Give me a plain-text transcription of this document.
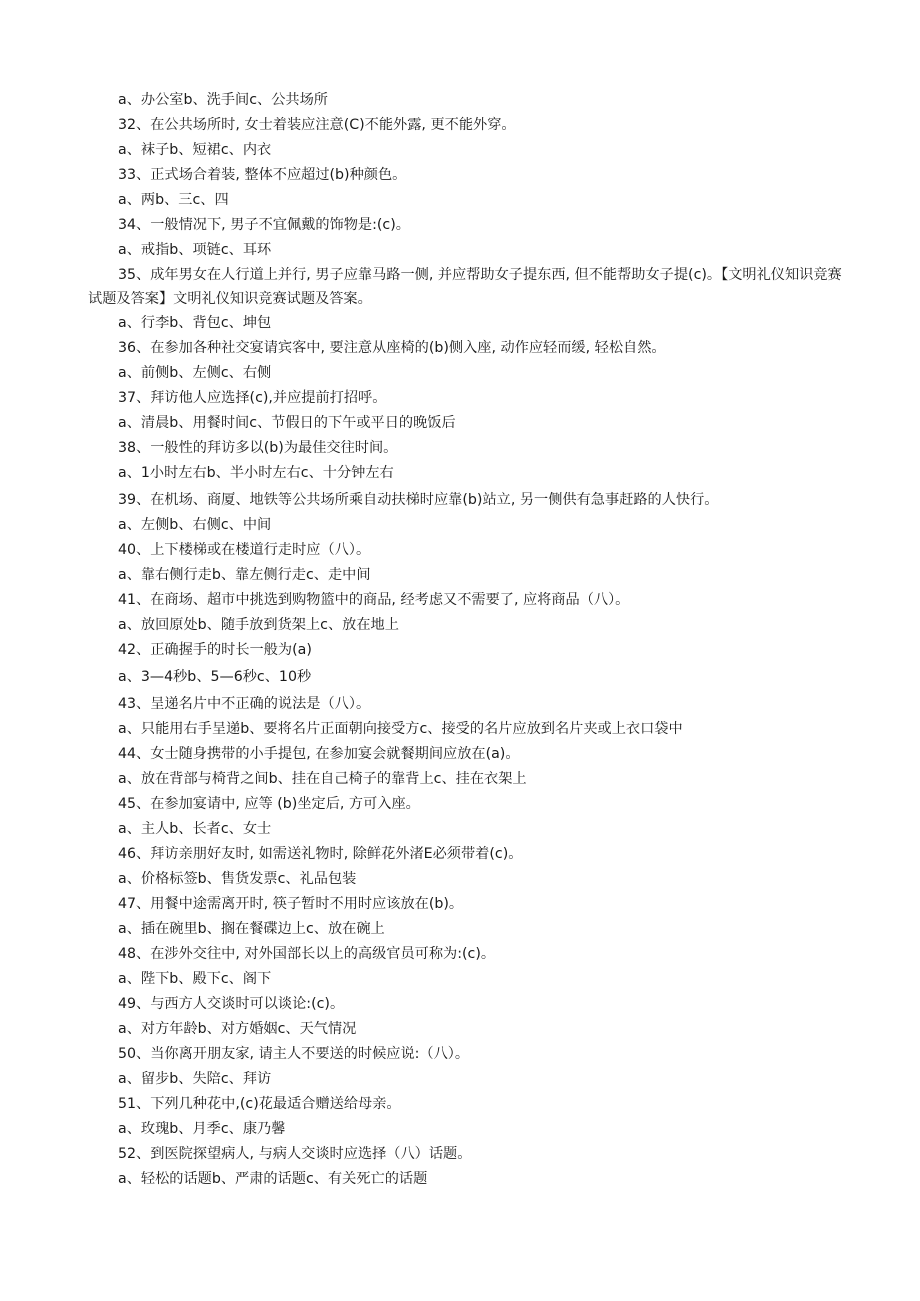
a、办公室b、洗手间c、公共场所

32、在公共场所时, 女士着装应注意(C)不能外露, 更不能外穿。

a、袜子b、短裙c、内衣

33、正式场合着装, 整体不应超过(b)种颜色。

a、两b、三c、四

34、一般情况下, 男子不宜佩戴的饰物是:(c)。

a、戒指b、项链c、耳环

35、成年男女在人行道上并行, 男子应靠马路一侧, 并应帮助女子提东西, 但不能帮助女子提(c)。【文明礼仪知识竞赛试题及答案】文明礼仪知识竞赛试题及答案。

a、行李b、背包c、坤包

36、在参加各种社交宴请宾客中, 要注意从座椅的(b)侧入座, 动作应轻而缓, 轻松自然。

a、前侧b、左侧c、右侧

37、拜访他人应选择(c),并应提前打招呼。

a、清晨b、用餐时间c、节假日的下午或平日的晚饭后

38、一般性的拜访多以(b)为最佳交往时间。

a、1小时左右b、半小时左右c、十分钟左右

39、在机场、商厦、地铁等公共场所乘自动扶梯时应靠(b)站立, 另一侧供有急事赶路的人快行。

a、左侧b、右侧c、中间

40、上下楼梯或在楼道行走时应（八）。

a、靠右侧行走b、靠左侧行走c、走中间

41、在商场、超市中挑选到购物篮中的商品, 经考虑又不需要了, 应将商品（八）。

a、放回原处b、随手放到货架上c、放在地上

42、正确握手的时长一般为(a)

a、3—4秒b、5—6秒c、10秒

43、呈递名片中不正确的说法是（八）。

a、只能用右手呈递b、要将名片正面朝向接受方c、接受的名片应放到名片夹或上衣口袋中

44、女士随身携带的小手提包, 在参加宴会就餐期间应放在(a)。

a、放在背部与椅背之间b、挂在自己椅子的靠背上c、挂在衣架上

45、在参加宴请中, 应等 (b)坐定后, 方可入座。

a、主人b、长者c、女士

46、拜访亲朋好友时, 如需送礼物时, 除鲜花外渚E必须带着(c)。

a、价格标签b、售货发票c、礼品包装

47、用餐中途需离开时, 筷子暂时不用时应该放在(b)。

a、插在碗里b、搁在餐碟边上c、放在碗上

48、在涉外交往中, 对外国部长以上的高级官员可称为:(c)。

a、陛下b、殿下c、阁下

49、与西方人交谈时可以谈论:(c)。

a、对方年龄b、对方婚姻c、天气情况

50、当你离开朋友家, 请主人不要送的时候应说:（八）。

a、留步b、失陪c、拜访

51、下列几种花中,(c)花最适合赠送给母亲。

a、玫瑰b、月季c、康乃馨

52、到医院探望病人, 与病人交谈时应选择（八）话题。

a、轻松的话题b、严肃的话题c、有关死亡的话题
